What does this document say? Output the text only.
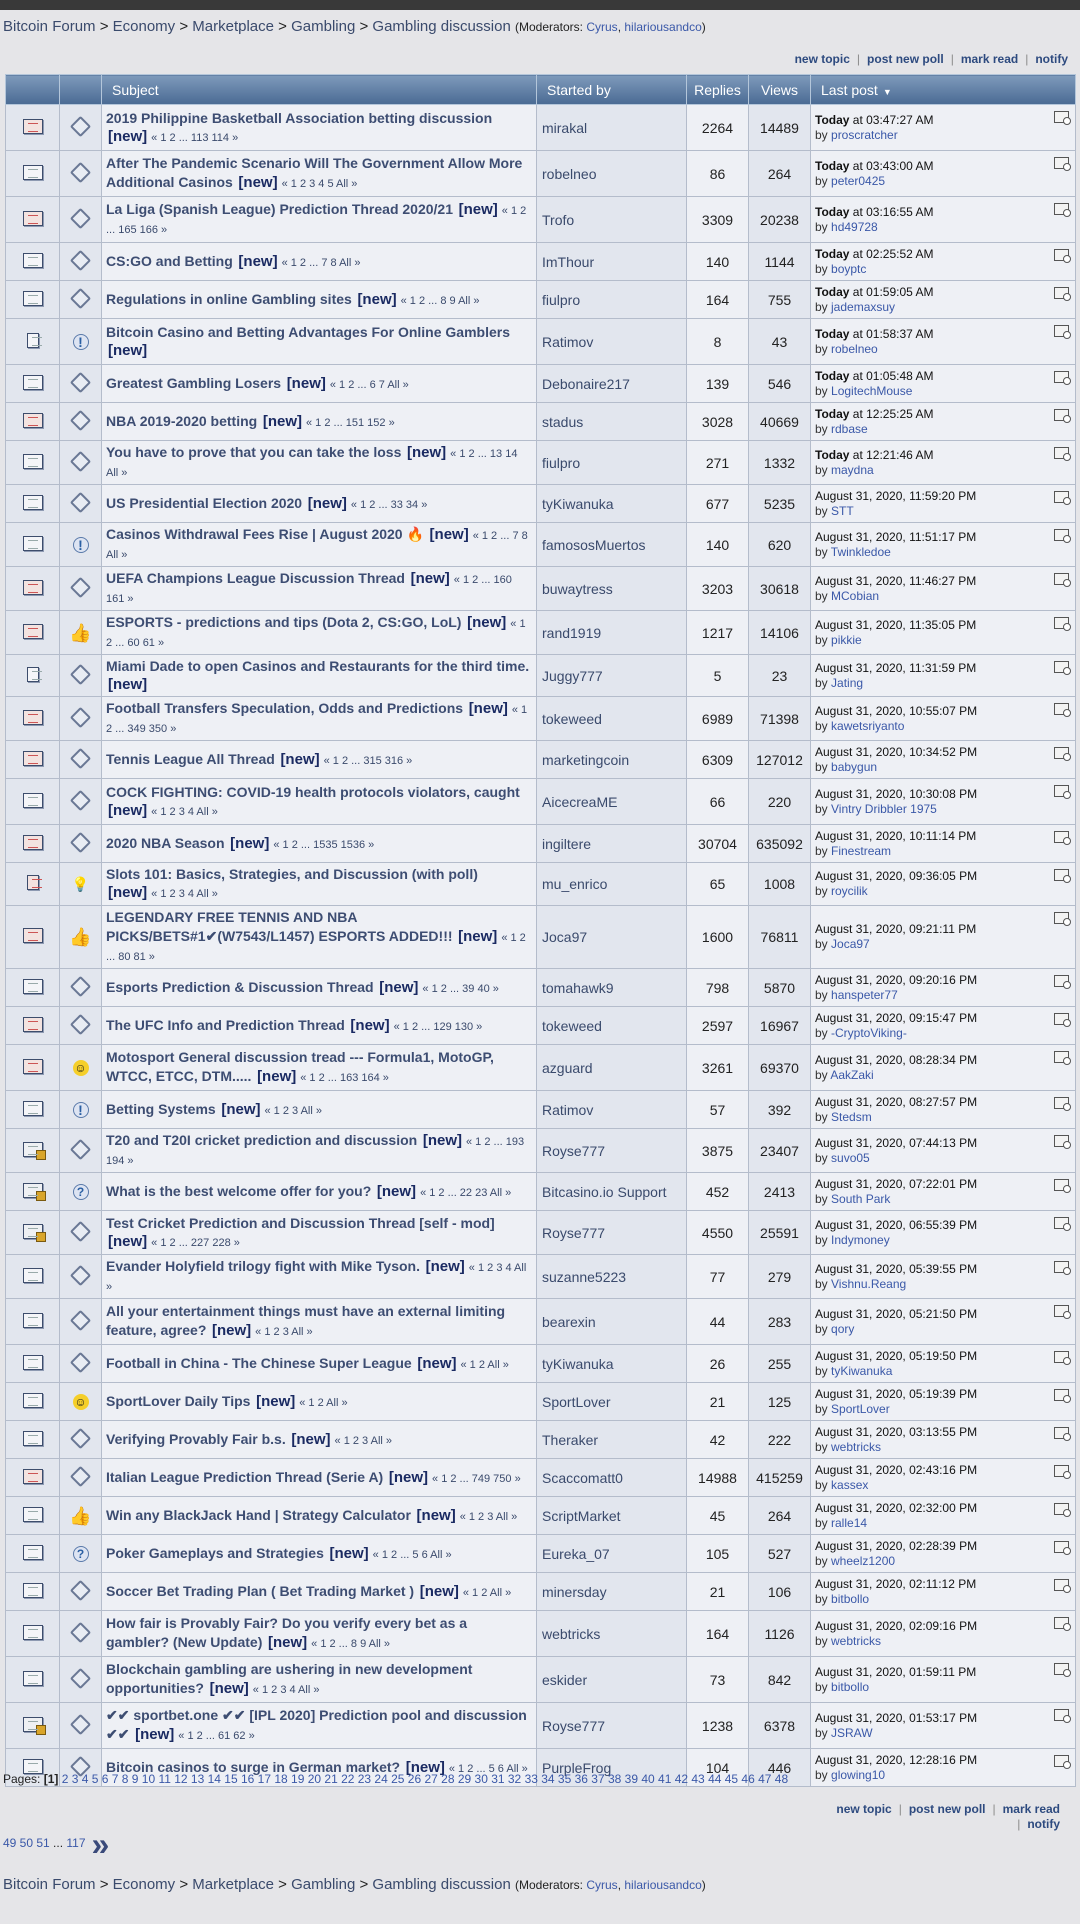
Bitcoin Forum > Economy > Marketplace > Gambling > Gambling discussion (Moderators: Cyrus, hilariousandco)
new topic | post new poll | mark read | notify
		Subject	Started by	Replies	Views	Last post ▼
		2019 Philippine Basketball Association betting discussion [new] « 1 2 ... 113 114 »	mirakal	2264	14489	Today at 03:47:27 AM
by proscratcher

		After The Pandemic Scenario Will The Government Allow More Additional Casinos [new] « 1 2 3 4 5 All »	robelneo	86	264	Today at 03:43:00 AM
by peter0425

		La Liga (Spanish League) Prediction Thread 2020/21 [new] « 1 2 ... 165 166 »	Trofo	3309	20238	Today at 03:16:55 AM
by hd49728

		CS:GO and Betting [new] « 1 2 ... 7 8 All »	ImThour	140	1144	Today at 02:25:52 AM
by boyptc

		Regulations in online Gambling sites [new] « 1 2 ... 8 9 All »	fiulpro	164	755	Today at 01:59:05 AM
by jademaxsuy

	!	Bitcoin Casino and Betting Advantages For Online Gamblers [new]	Ratimov	8	43	Today at 01:58:37 AM
by robelneo

		Greatest Gambling Losers [new] « 1 2 ... 6 7 All »	Debonaire217	139	546	Today at 01:05:48 AM
by LogitechMouse

		NBA 2019-2020 betting [new] « 1 2 ... 151 152 »	stadus	3028	40669	Today at 12:25:25 AM
by rdbase

		You have to prove that you can take the loss [new] « 1 2 ... 13 14 All »	fiulpro	271	1332	Today at 12:21:46 AM
by maydna

		US Presidential Election 2020 [new] « 1 2 ... 33 34 »	tyKiwanuka	677	5235	August 31, 2020, 11:59:20 PM
by STT

	!	Casinos Withdrawal Fees Rise | August 2020 🔥 [new] « 1 2 ... 7 8 All »	famososMuertos	140	620	August 31, 2020, 11:51:17 PM
by Twinkledoe

		UEFA Champions League Discussion Thread [new] « 1 2 ... 160 161 »	buwaytress	3203	30618	August 31, 2020, 11:46:27 PM
by MCobian

	👍	ESPORTS - predictions and tips (Dota 2, CS:GO, LoL) [new] « 1 2 ... 60 61 »	rand1919	1217	14106	August 31, 2020, 11:35:05 PM
by pikkie

		Miami Dade to open Casinos and Restaurants for the third time. [new]	Juggy777	5	23	August 31, 2020, 11:31:59 PM
by Jating

		Football Transfers Speculation, Odds and Predictions [new] « 1 2 ... 349 350 »	tokeweed	6989	71398	August 31, 2020, 10:55:07 PM
by kawetsriyanto

		Tennis League All Thread [new] « 1 2 ... 315 316 »	marketingcoin	6309	127012	August 31, 2020, 10:34:52 PM
by babygun

		COCK FIGHTING: COVID-19 health protocols violators, caught [new] « 1 2 3 4 All »	AicecreaME	66	220	August 31, 2020, 10:30:08 PM
by Vintry Dribbler 1975

		2020 NBA Season [new] « 1 2 ... 1535 1536 »	ingiltere	30704	635092	August 31, 2020, 10:11:14 PM
by Finestream

	💡	Slots 101: Basics, Strategies, and Discussion (with poll) [new] « 1 2 3 4 All »	mu_enrico	65	1008	August 31, 2020, 09:36:05 PM
by roycilik

	👍	LEGENDARY FREE TENNIS AND NBA PICKS/BETS#1✔(W7543/L1457) ESPORTS ADDED!!! [new] « 1 2 ... 80 81 »	Joca97	1600	76811	August 31, 2020, 09:21:11 PM
by Joca97

		Esports Prediction & Discussion Thread [new] « 1 2 ... 39 40 »	tomahawk9	798	5870	August 31, 2020, 09:20:16 PM
by hanspeter77

		The UFC Info and Prediction Thread [new] « 1 2 ... 129 130 »	tokeweed	2597	16967	August 31, 2020, 09:15:47 PM
by -CryptoViking-

	☺	Motosport General discussion tread --- Formula1, MotoGP, WTCC, ETCC, DTM..... [new] « 1 2 ... 163 164 »	azguard	3261	69370	August 31, 2020, 08:28:34 PM
by AakZaki

	!	Betting Systems [new] « 1 2 3 All »	Ratimov	57	392	August 31, 2020, 08:27:57 PM
by Stedsm

		T20 and T20I cricket prediction and discussion [new] « 1 2 ... 193 194 »	Royse777	3875	23407	August 31, 2020, 07:44:13 PM
by suvo05

	?	What is the best welcome offer for you? [new] « 1 2 ... 22 23 All »	Bitcasino.io Support	452	2413	August 31, 2020, 07:22:01 PM
by South Park

		Test Cricket Prediction and Discussion Thread [self - mod] [new] « 1 2 ... 227 228 »	Royse777	4550	25591	August 31, 2020, 06:55:39 PM
by Indymoney

		Evander Holyfield trilogy fight with Mike Tyson. [new] « 1 2 3 4 All »	suzanne5223	77	279	August 31, 2020, 05:39:55 PM
by Vishnu.Reang

		All your entertainment things must have an external limiting feature, agree? [new] « 1 2 3 All »	bearexin	44	283	August 31, 2020, 05:21:50 PM
by qory

		Football in China - The Chinese Super League [new] « 1 2 All »	tyKiwanuka	26	255	August 31, 2020, 05:19:50 PM
by tyKiwanuka

	☺	SportLover Daily Tips [new] « 1 2 All »	SportLover	21	125	August 31, 2020, 05:19:39 PM
by SportLover

		Verifying Provably Fair b.s. [new] « 1 2 3 All »	Theraker	42	222	August 31, 2020, 03:13:55 PM
by webtricks

		Italian League Prediction Thread (Serie A) [new] « 1 2 ... 749 750 »	Scaccomatt0	14988	415259	August 31, 2020, 02:43:16 PM
by kassex

	👍	Win any BlackJack Hand | Strategy Calculator [new] « 1 2 3 All »	ScriptMarket	45	264	August 31, 2020, 02:32:00 PM
by ralle14

	?	Poker Gameplays and Strategies [new] « 1 2 ... 5 6 All »	Eureka_07	105	527	August 31, 2020, 02:28:39 PM
by wheelz1200

		Soccer Bet Trading Plan ( Bet Trading Market ) [new] « 1 2 All »	minersday	21	106	August 31, 2020, 02:11:12 PM
by bitbollo

		How fair is Provably Fair? Do you verify every bet as a gambler? (New Update) [new] « 1 2 ... 8 9 All »	webtricks	164	1126	August 31, 2020, 02:09:16 PM
by webtricks

		Blockchain gambling are ushering in new development opportunities? [new] « 1 2 3 4 All »	eskider	73	842	August 31, 2020, 01:59:11 PM
by bitbollo

		✔✔ sportbet.one ✔✔ [IPL 2020] Prediction pool and discussion ✔✔ [new] « 1 2 ... 61 62 »	Royse777	1238	6378	August 31, 2020, 01:53:17 PM
by JSRAW

		Bitcoin casinos to surge in German market? [new] « 1 2 ... 5 6 All »	PurpleFrog	104	446	August 31, 2020, 12:28:16 PM
by glowing10
Pages: [1] 2 3 4 5 6 7 8 9 10 11 12 13 14 15 16 17 18 19 20 21 22 23 24 25 26 27 28 29 30 31 32 33 34 35 36 37 38 39 40 41 42 43 44 45 46 47 48
49 50 51 ... 117 »
new topic | post new poll | mark read
| notify
Bitcoin Forum > Economy > Marketplace > Gambling > Gambling discussion (Moderators: Cyrus, hilariousandco)
